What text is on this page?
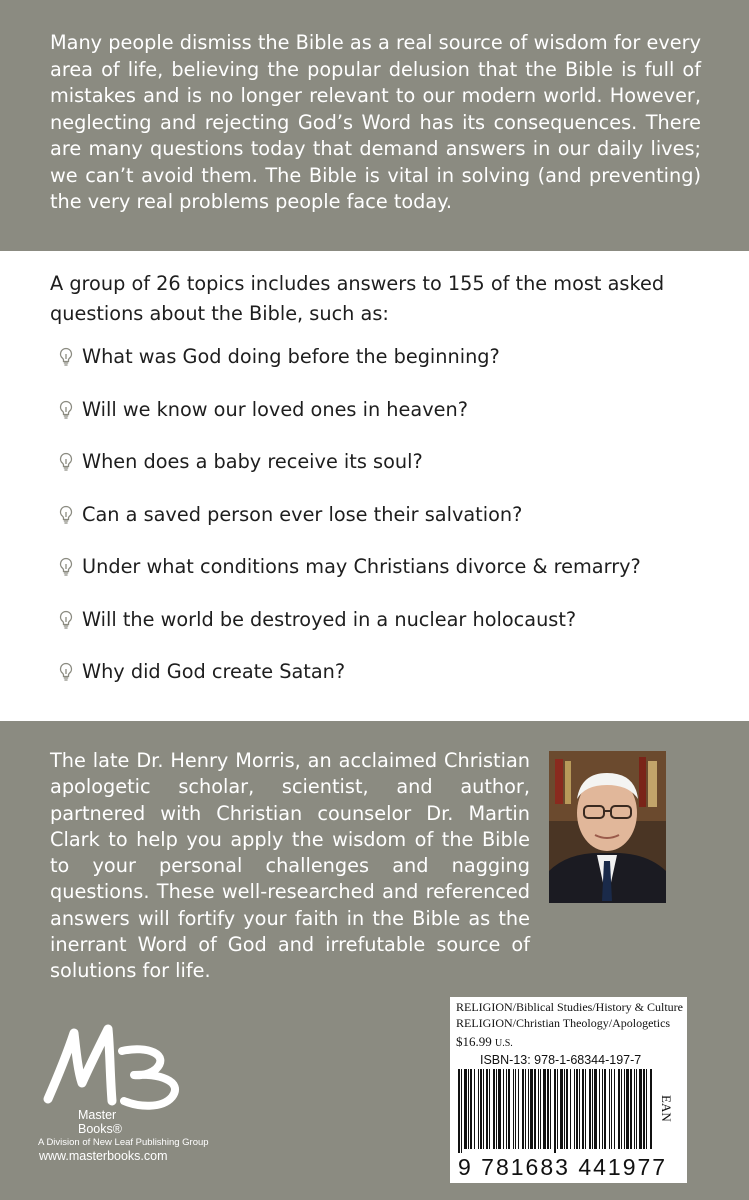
Many people dismiss the Bible as a real source of wisdom for every area of life, believing the popular delusion that the Bible is full of mistakes and is no longer relevant to our modern world. However, neglecting and rejecting God’s Word has its consequences. There are many questions today that demand answers in our daily lives; we can’t avoid them. The Bible is vital in solving (and preventing) the very real problems people face today.

A group of 26 topics includes answers to 155 of the most asked questions about the Bible, such as:

What was God doing before the beginning?
Will we know our loved ones in heaven?
When does a baby receive its soul?
Can a saved person ever lose their salvation?
Under what conditions may Christians divorce & remarry?
Will the world be destroyed in a nuclear holocaust?
Why did God create Satan?

The late Dr. Henry Morris, an acclaimed Christian apologetic scholar, scientist, and author, partnered with Christian counselor Dr. Martin Clark to help you apply the wisdom of the Bible to your personal challenges and nagging questions. These well-researched and referenced answers will fortify your faith in the Bible as the inerrant Word of God and irrefutable source of solutions for life.

Master
Books®
A Division of New Leaf Publishing Group
www.masterbooks.com
RELIGION/Biblical Studies/History & Culture
RELIGION/Christian Theology/Apologetics
$16.99 U.S.
ISBN-13: 978-1-68344-197-7
EAN
9 781683 441977
